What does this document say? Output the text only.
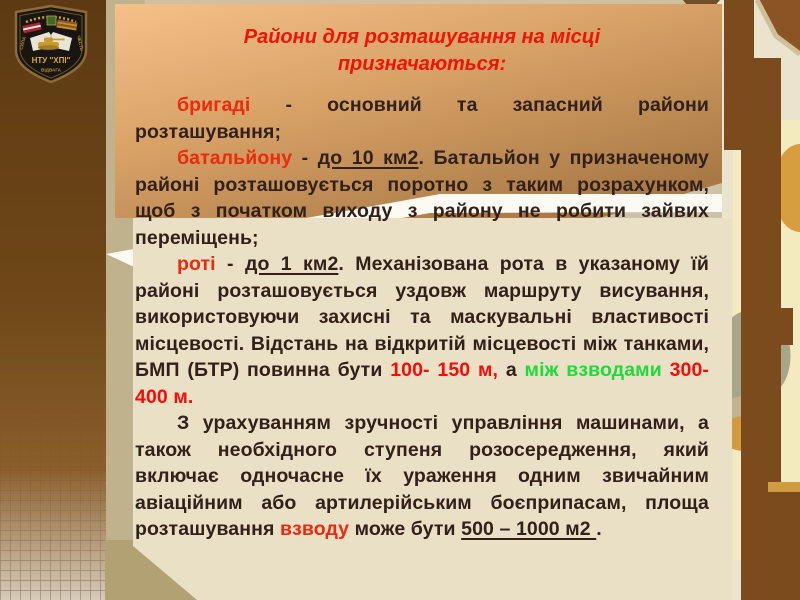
НТУ "ХПІ"
ВІДВАГА
СИЛА	ЧЕСТЬ	Райони для розташування на місці
призначаються:

бригаді - основний та запасний райони розташування;

батальйону - до 10 км2. Батальйон у призначеному районі розташовується поротно з таким розрахунком, щоб з початком виходу з району не робити зайвих переміщень;

роті - до 1 км2. Механізована рота в указаному їй районі розташовується уздовж маршруту висування, використовуючи захисні та маскувальні властивості місцевості. Відстань на відкритій місцевості між танками, БМП (БТР) повинна бути 100- 150 м, а між взводами 300-400 м.

З урахуванням зручності управління машинами, а також необхідного ступеня розосередження, який включає одночасне їх ураження одним звичайним авіаційним або артилерійським боєприпасам, площа розташування взводу може бути 500 – 1000 м2 .
